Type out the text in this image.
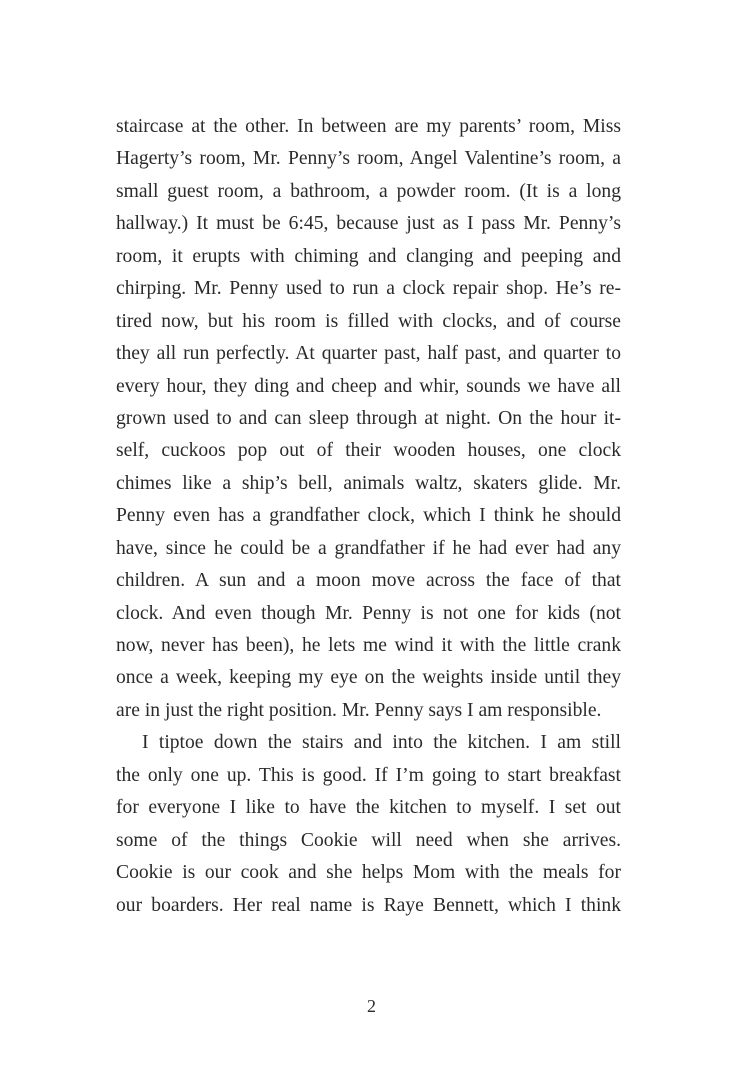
staircase at the other. In between are my parents’ room, Miss
Hagerty’s room, Mr. Penny’s room, Angel Valentine’s room, a
small guest room, a bathroom, a powder room. (It is a long
hallway.) It must be 6:45, because just as I pass Mr. Penny’s
room, it erupts with chiming and clanging and peeping and
chirping. Mr. Penny used to run a clock repair shop. He’s re-
tired now, but his room is filled with clocks, and of course
they all run perfectly. At quarter past, half past, and quarter to
every hour, they ding and cheep and whir, sounds we have all
grown used to and can sleep through at night. On the hour it-
self, cuckoos pop out of their wooden houses, one clock
chimes like a ship’s bell, animals waltz, skaters glide. Mr.
Penny even has a grandfather clock, which I think he should
have, since he could be a grandfather if he had ever had any
children. A sun and a moon move across the face of that
clock. And even though Mr. Penny is not one for kids (not
now, never has been), he lets me wind it with the little crank
once a week, keeping my eye on the weights inside until they
are in just the right position. Mr. Penny says I am responsible.
I tiptoe down the stairs and into the kitchen. I am still
the only one up. This is good. If I’m going to start breakfast
for everyone I like to have the kitchen to myself. I set out
some of the things Cookie will need when she arrives.
Cookie is our cook and she helps Mom with the meals for
our boarders. Her real name is Raye Bennett, which I think
2
